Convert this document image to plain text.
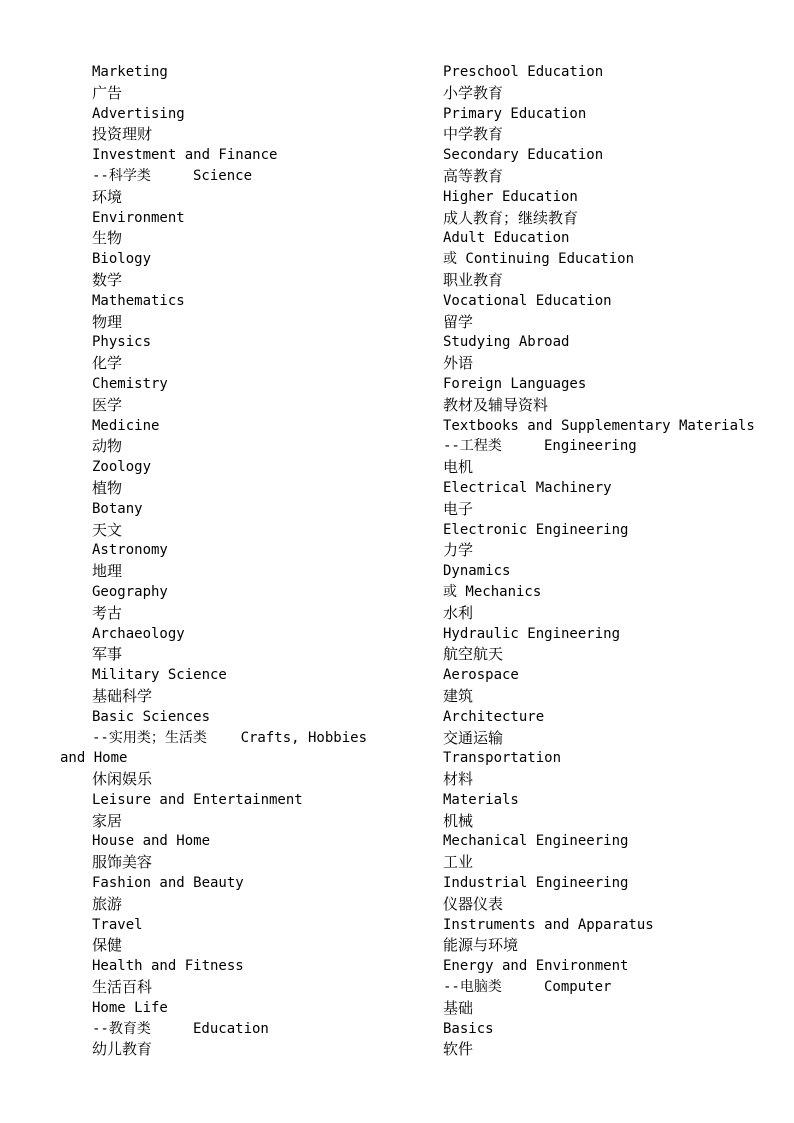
Marketing
广告
Advertising
投资理财
Investment and Finance
--科学类     Science
环境
Environment
生物
Biology
数学
Mathematics
物理
Physics
化学
Chemistry
医学
Medicine
动物
Zoology
植物
Botany
天文
Astronomy
地理
Geography
考古
Archaeology
军事
Military Science
基础科学
Basic Sciences
--实用类；生活类    Crafts, Hobbies
and Home
休闲娱乐
Leisure and Entertainment
家居
House and Home
服饰美容
Fashion and Beauty
旅游
Travel
保健
Health and Fitness
生活百科
Home Life
--教育类     Education
幼儿教育
Preschool Education
小学教育
Primary Education
中学教育
Secondary Education
高等教育
Higher Education
成人教育；继续教育
Adult Education
或 Continuing Education
职业教育
Vocational Education
留学
Studying Abroad
外语
Foreign Languages
教材及辅导资料
Textbooks and Supplementary Materials
--工程类     Engineering
电机
Electrical Machinery
电子
Electronic Engineering
力学
Dynamics
或 Mechanics
水利
Hydraulic Engineering
航空航天
Aerospace
建筑
Architecture
交通运输
Transportation
材料
Materials
机械
Mechanical Engineering
工业
Industrial Engineering
仪器仪表
Instruments and Apparatus
能源与环境
Energy and Environment
--电脑类     Computer
基础
Basics
软件
